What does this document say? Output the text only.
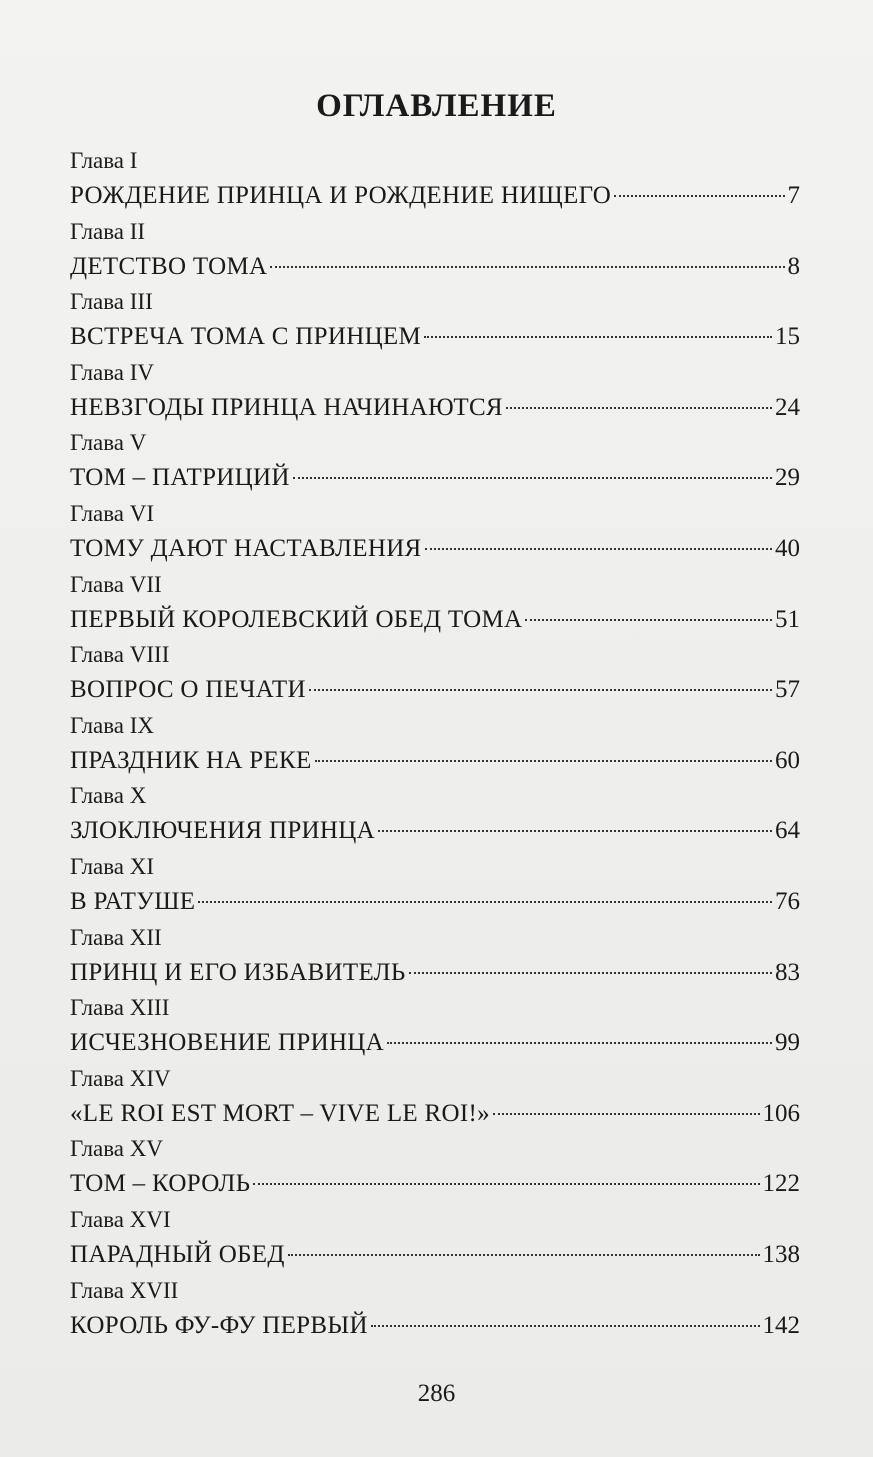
ОГЛАВЛЕНИЕ
Глава I
РОЖДЕНИЕ ПРИНЦА И РОЖДЕНИЕ НИЩЕГО	7
Глава II
ДЕТСТВО ТОМА	8
Глава III
ВСТРЕЧА ТОМА С ПРИНЦЕМ	15
Глава IV
НЕВЗГОДЫ ПРИНЦА НАЧИНАЮТСЯ	24
Глава V
ТОМ – ПАТРИЦИЙ	29
Глава VI
ТОМУ ДАЮТ НАСТАВЛЕНИЯ	40
Глава VII
ПЕРВЫЙ КОРОЛЕВСКИЙ ОБЕД ТОМА	51
Глава VIII
ВОПРОС О ПЕЧАТИ	57
Глава IX
ПРАЗДНИК НА РЕКЕ	60
Глава X
ЗЛОКЛЮЧЕНИЯ ПРИНЦА	64
Глава XI
В РАТУШЕ	76
Глава XII
ПРИНЦ И ЕГО ИЗБАВИТЕЛЬ	83
Глава XIII
ИСЧЕЗНОВЕНИЕ ПРИНЦА	99
Глава XIV
«LE ROI EST MORT – VIVE LE ROI!»	106
Глава XV
ТОМ – КОРОЛЬ	122
Глава XVI
ПАРАДНЫЙ ОБЕД	138
Глава XVII
КОРОЛЬ ФУ-ФУ ПЕРВЫЙ	142
286
